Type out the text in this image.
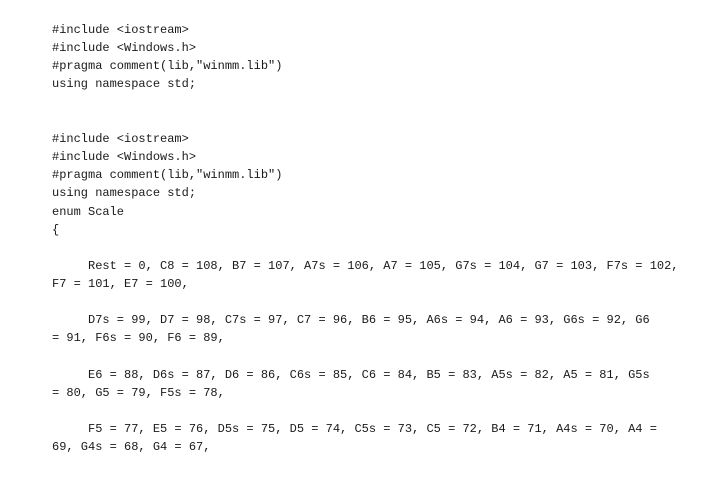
#include <iostream>
#include <Windows.h>
#pragma comment(lib,"winmm.lib")
using namespace std;
#include <iostream>
#include <Windows.h>
#pragma comment(lib,"winmm.lib")
using namespace std;
enum Scale
{
Rest = 0, C8 = 108, B7 = 107, A7s = 106, A7 = 105, G7s = 104, G7 = 103, F7s = 102,
F7 = 101, E7 = 100,
D7s = 99, D7 = 98, C7s = 97, C7 = 96, B6 = 95, A6s = 94, A6 = 93, G6s = 92, G6
= 91, F6s = 90, F6 = 89,
E6 = 88, D6s = 87, D6 = 86, C6s = 85, C6 = 84, B5 = 83, A5s = 82, A5 = 81, G5s
= 80, G5 = 79, F5s = 78,
F5 = 77, E5 = 76, D5s = 75, D5 = 74, C5s = 73, C5 = 72, B4 = 71, A4s = 70, A4 =
69, G4s = 68, G4 = 67,
